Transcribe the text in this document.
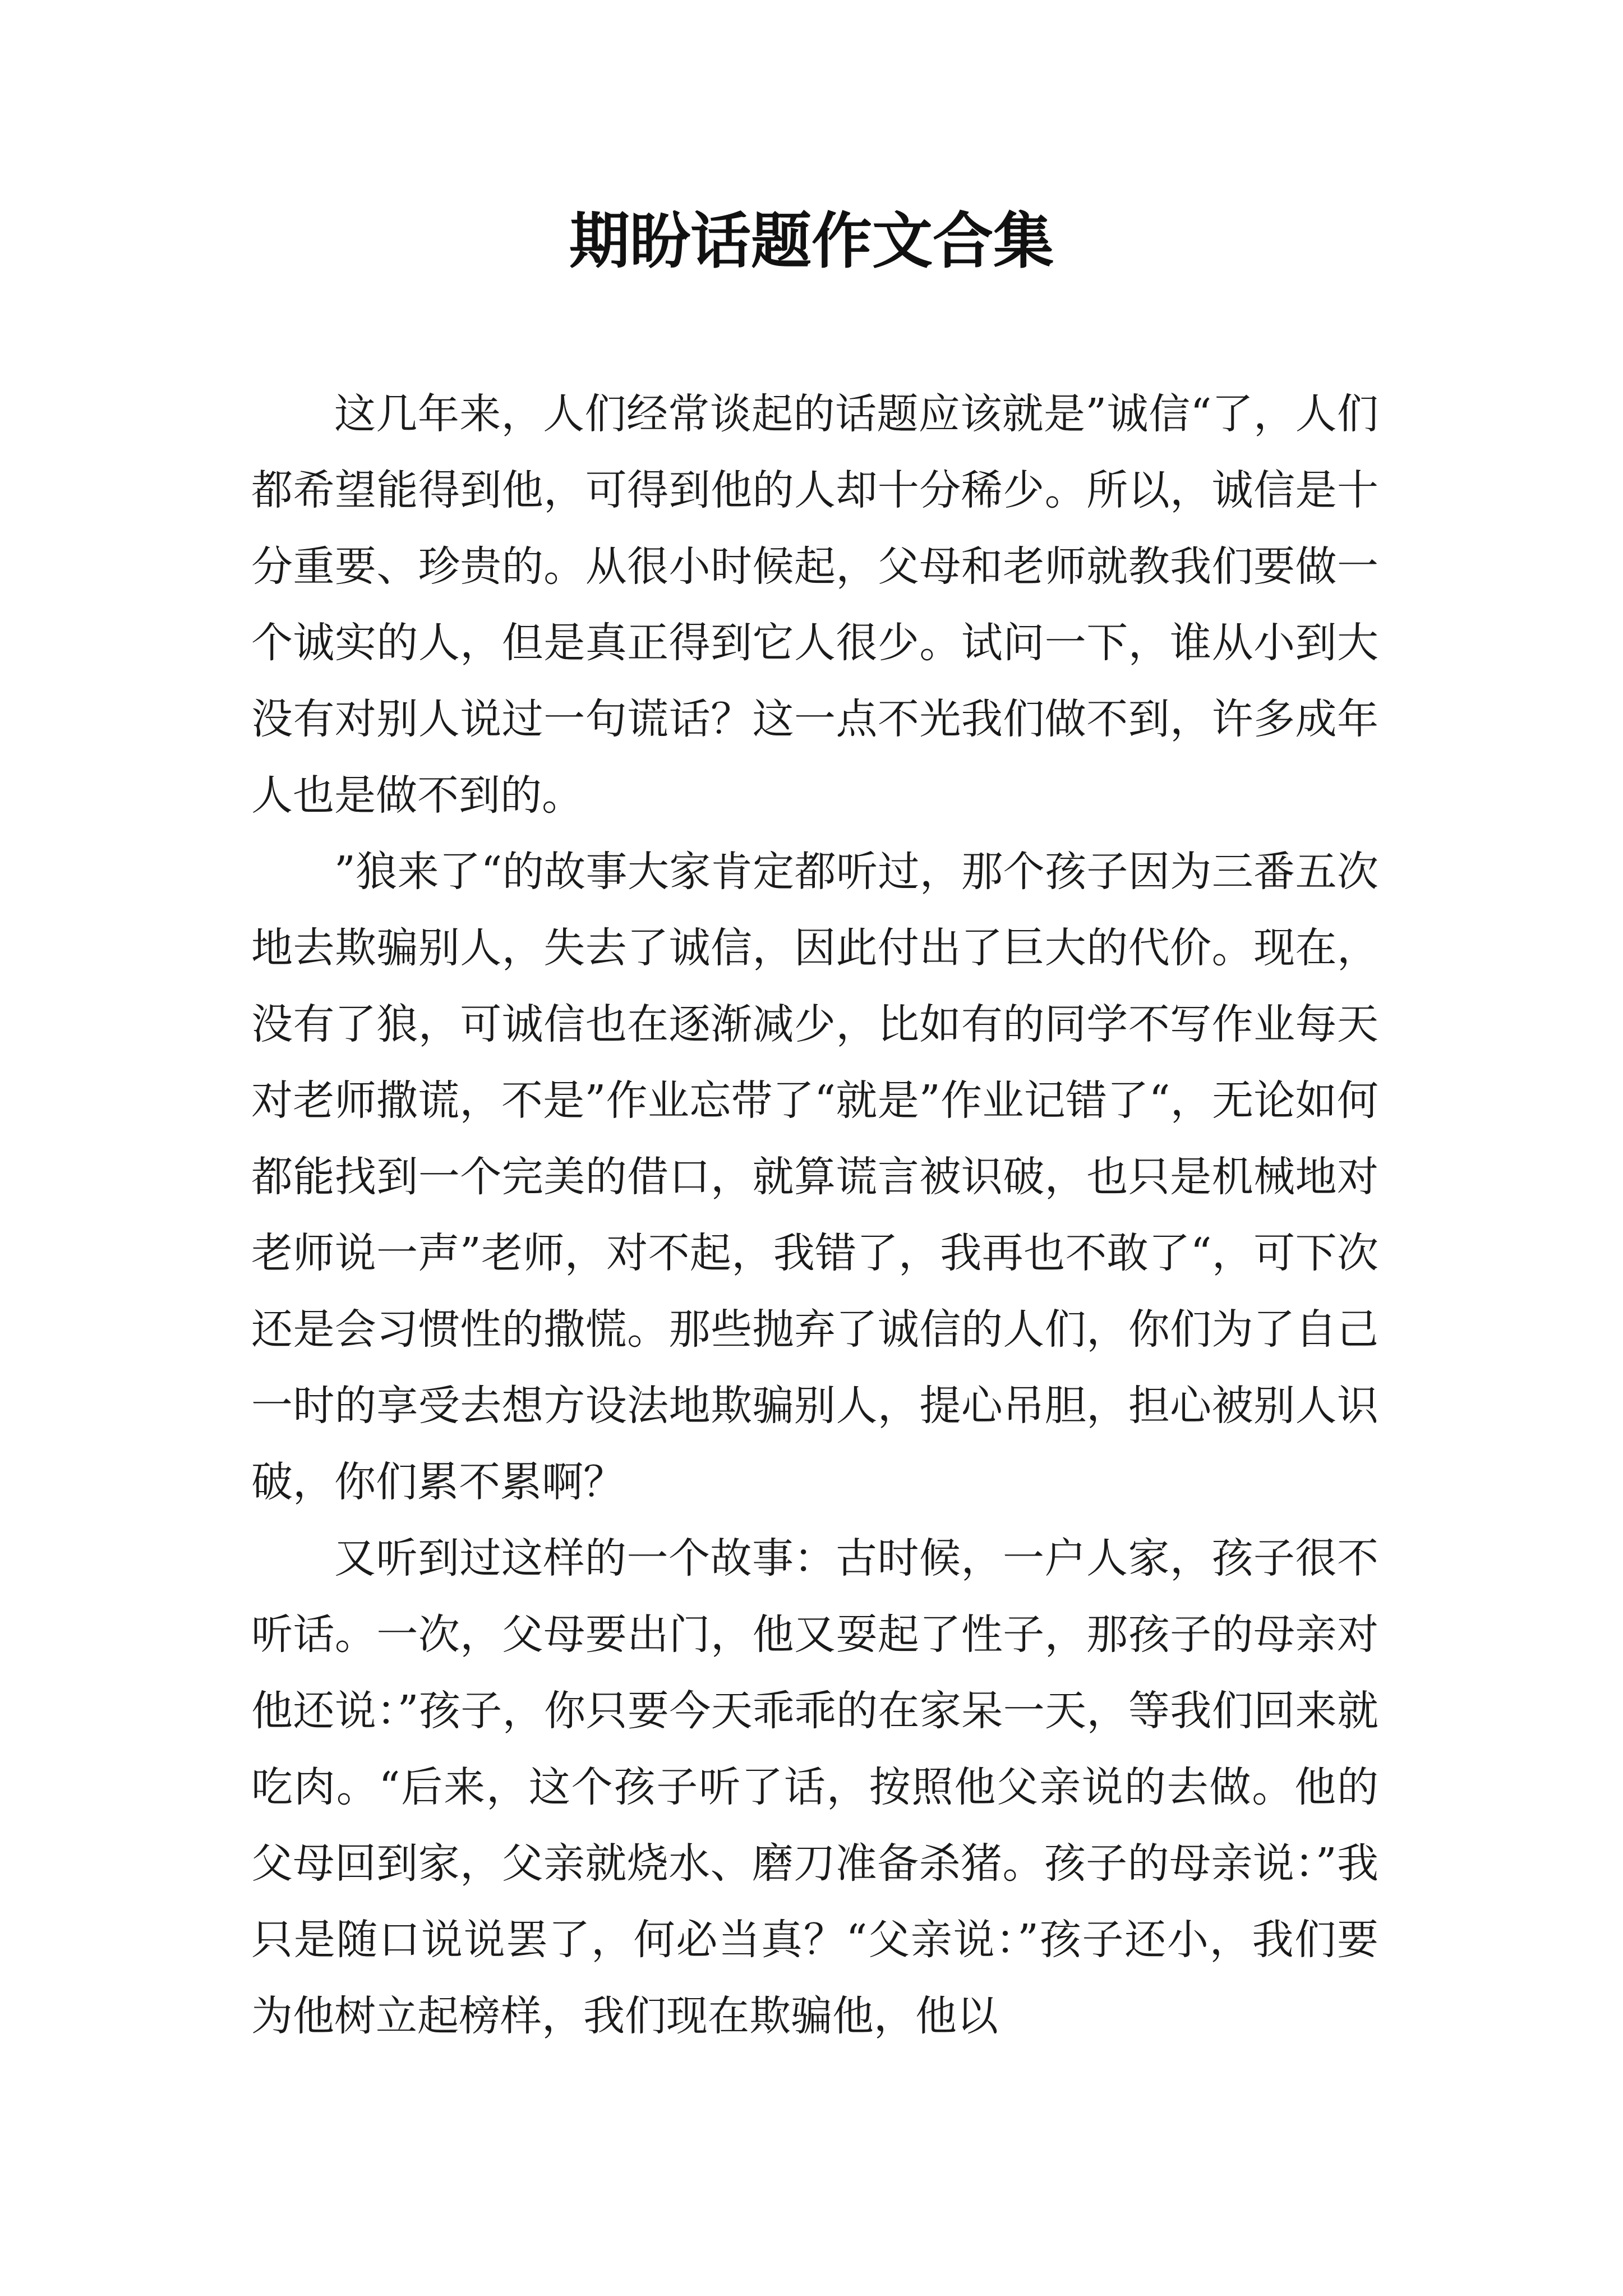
期盼话题作文合集

这几年来，人们经常谈起的话题应该就是”诚信“了，人们都希望能得到他，可得到他的人却十分稀少。所以，诚信是十分重要、珍贵的。从很小时候起，父母和老师就教我们要做一个诚实的人，但是真正得到它人很少。试问一下，谁从小到大没有对别人说过一句谎话？这一点不光我们做不到，许多成年人也是做不到的。

”狼来了“的故事大家肯定都听过，那个孩子因为三番五次地去欺骗别人，失去了诚信，因此付出了巨大的代价。现在，没有了狼，可诚信也在逐渐减少，比如有的同学不写作业每天对老师撒谎，不是”作业忘带了“就是”作业记错了“，无论如何都能找到一个完美的借口，就算谎言被识破，也只是机械地对老师说一声”老师，对不起，我错了，我再也不敢了“，可下次还是会习惯性的撒慌。那些抛弃了诚信的人们，你们为了自己一时的享受去想方设法地欺骗别人，提心吊胆，担心被别人识破，你们累不累啊？

又听到过这样的一个故事：古时候，一户人家，孩子很不听话。一次，父母要出门，他又耍起了性子，那孩子的母亲对他还说：”孩子，你只要今天乖乖的在家呆一天，等我们回来就吃肉。“后来，这个孩子听了话，按照他父亲说的去做。他的父母回到家，父亲就烧水、磨刀准备杀猪。孩子的母亲说：”我只是随口说说罢了，何必当真？“父亲说：”孩子还小，我们要为他树立起榜样，我们现在欺骗他，他以
